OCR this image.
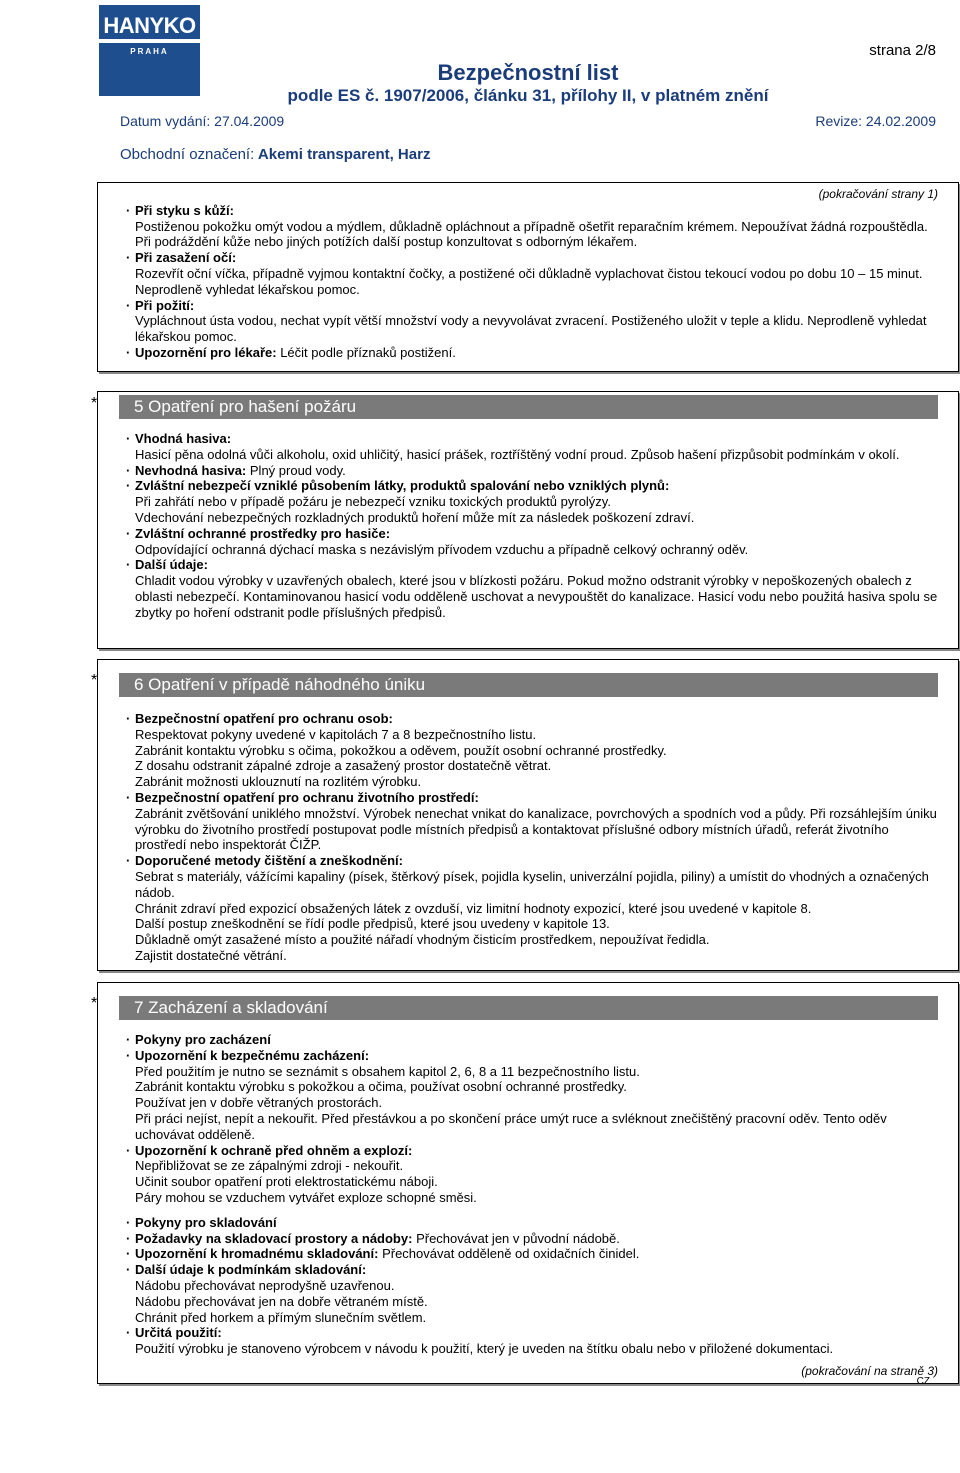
HANYKO
PRAHA	strana 2/8
Bezpečnostní list
podle ES č. 1907/2006, článku 31, přílohy II, v platném znění
Datum vydání: 27.04.2009	Revize: 24.02.2009
Obchodní označení: Akemi transparent, Harz
(pokračování strany 1)
· Při styku s kůží:
Postiženou pokožku omýt vodou a mýdlem, důkladně opláchnout a případně ošetřit reparačním krémem. Nepoužívat žádná rozpouštědla. Při podráždění kůže nebo jiných potížích další postup konzultovat s odborným lékařem.
· Při zasažení očí:
Rozevřít oční víčka, případně vyjmou kontaktní čočky, a postižené oči důkladně vyplachovat čistou tekoucí vodou po dobu 10 – 15 minut. Neprodleně vyhledat lékařskou pomoc.
· Při požití:
Vypláchnout ústa vodou, nechat vypít větší množství vody a nevyvolávat zvracení. Postiženého uložit v teple a klidu. Neprodleně vyhledat lékařskou pomoc.
· Upozornění pro lékaře: Léčit podle příznaků postižení.
*	5 Opatření pro hašení požáru
· Vhodná hasiva:
Hasicí pěna odolná vůči alkoholu, oxid uhličitý, hasicí prášek, roztříštěný vodní proud. Způsob hašení přizpůsobit podmínkám v okolí.
· Nevhodná hasiva: Plný proud vody.
· Zvláštní nebezpečí vzniklé působením látky, produktů spalování nebo vzniklých plynů:
Při zahřátí nebo v případě požáru je nebezpečí vzniku toxických produktů pyrolýzy.
Vdechování nebezpečných rozkladných produktů hoření může mít za následek poškození zdraví.
· Zvláštní ochranné prostředky pro hasiče:
Odpovídající ochranná dýchací maska s nezávislým přívodem vzduchu a případně celkový ochranný oděv.
· Další údaje:
Chladit vodou výrobky v uzavřených obalech, které jsou v blízkosti požáru. Pokud možno odstranit výrobky v nepoškozených obalech z oblasti nebezpečí. Kontaminovanou hasicí vodu odděleně uschovat a nevypouštět do kanalizace. Hasicí vodu nebo použitá hasiva spolu se zbytky po hoření odstranit podle příslušných předpisů.
*	6 Opatření v případě náhodného úniku
· Bezpečnostní opatření pro ochranu osob:
Respektovat pokyny uvedené v kapitolách 7 a 8 bezpečnostního listu.
Zabránit kontaktu výrobku s očima, pokožkou a oděvem, použít osobní ochranné prostředky.
Z dosahu odstranit zápalné zdroje a zasažený prostor dostatečně větrat.
Zabránit možnosti uklouznutí na rozlitém výrobku.
· Bezpečnostní opatření pro ochranu životního prostředí:
Zabránit zvětšování uniklého množství. Výrobek nenechat vnikat do kanalizace, povrchových a spodních vod a půdy. Při rozsáhlejším úniku výrobku do životního prostředí postupovat podle místních předpisů a kontaktovat příslušné odbory místních úřadů, referát životního prostředí nebo inspektorát ČIŽP.
· Doporučené metody čištění a zneškodnění:
Sebrat s materiály, vážícími kapaliny (písek, štěrkový písek, pojidla kyselin, univerzální pojidla, piliny) a umístit do vhodných a označených nádob.
Chránit zdraví před expozicí obsažených látek z ovzduší, viz limitní hodnoty expozicí, které jsou uvedené v kapitole 8.
Další postup zneškodnění se řídí podle předpisů, které jsou uvedeny v kapitole 13.
Důkladně omýt zasažené místo a použité nářadí vhodným čisticím prostředkem, nepoužívat ředidla.
Zajistit dostatečné větrání.
*	7 Zacházení a skladování
· Pokyny pro zacházení
· Upozornění k bezpečnému zacházení:
Před použitím je nutno se seznámit s obsahem kapitol 2, 6, 8 a 11 bezpečnostního listu.
Zabránit kontaktu výrobku s pokožkou a očima, používat osobní ochranné prostředky.
Používat jen v dobře větraných prostorách.
Při práci nejíst, nepít a nekouřit. Před přestávkou a po skončení práce umýt ruce a svléknout znečištěný pracovní oděv. Tento oděv uchovávat odděleně.
· Upozornění k ochraně před ohněm a explozí:
Nepřibližovat se ze zápalnými zdroji - nekouřit.
Učinit soubor opatření proti elektrostatickému náboji.
Páry mohou se vzduchem vytvářet exploze schopné směsi.
· Pokyny pro skladování
· Požadavky na skladovací prostory a nádoby: Přechovávat jen v původní nádobě.
· Upozornění k hromadnému skladování: Přechovávat odděleně od oxidačních činidel.
· Další údaje k podmínkám skladování:
Nádobu přechovávat neprodyšně uzavřenou.
Nádobu přechovávat jen na dobře větraném místě.
Chránit před horkem a přímým slunečním světlem.
· Určitá použití:
Použití výrobku je stanoveno výrobcem v návodu k použití, který je uveden na štítku obalu nebo v přiložené dokumentaci.
(pokračování na straně 3)
CZ
